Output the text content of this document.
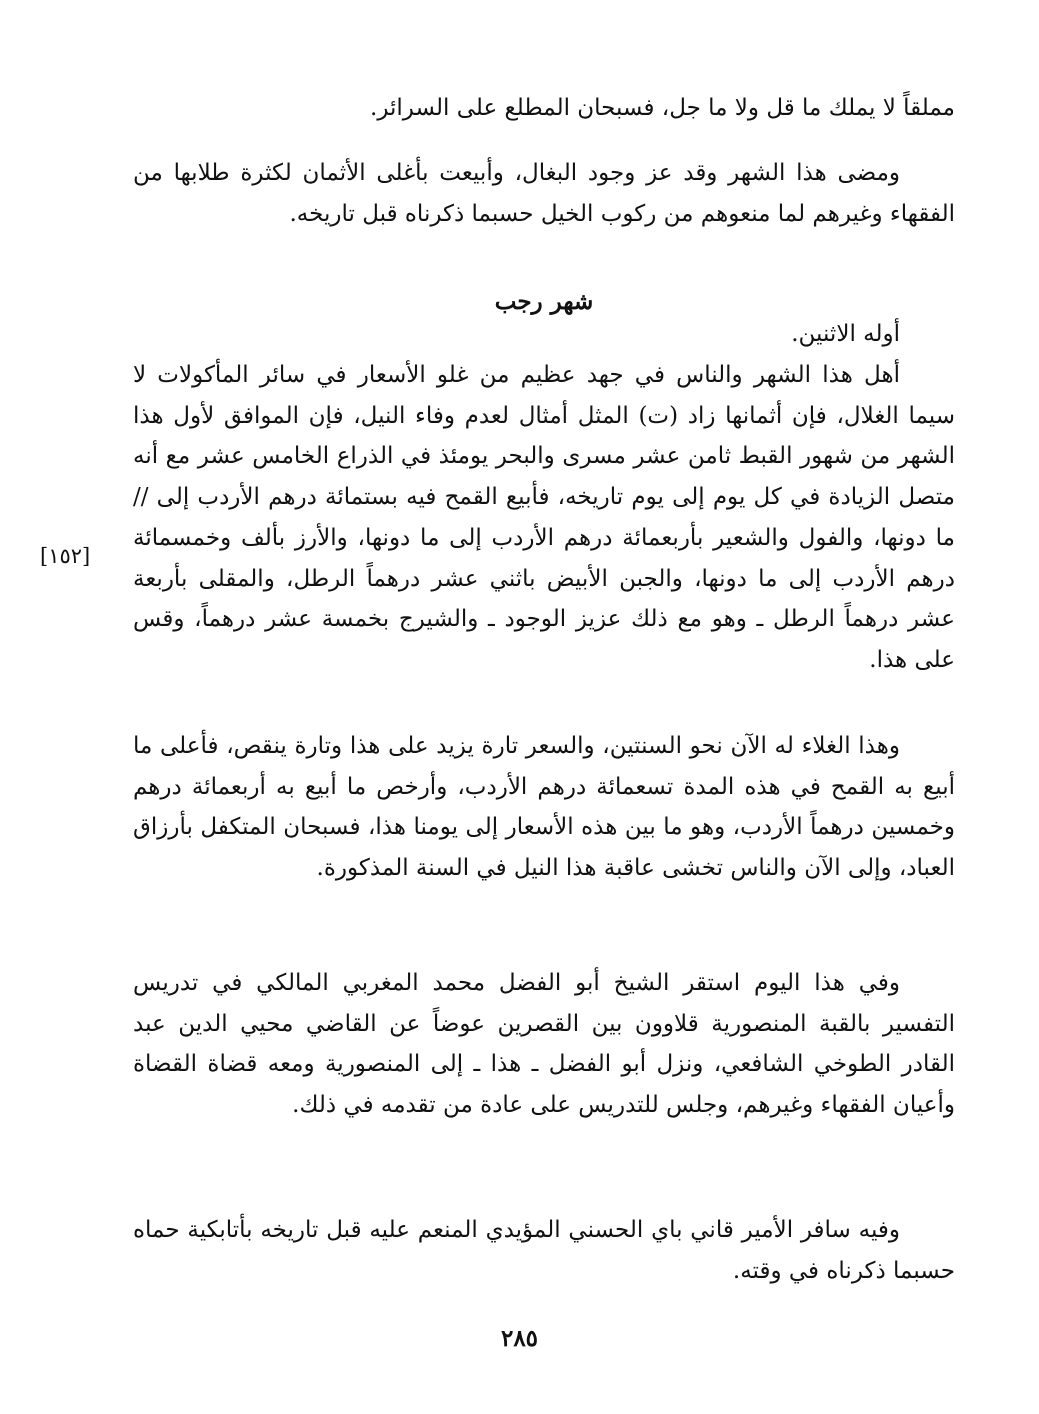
مملقاً لا يملك ما قل ولا ما جل، فسبحان المطلع على السرائر.

ومضى هذا الشهر وقد عز وجود البغال، وأبيعت بأغلى الأثمان لكثرة طلابها من الفقهاء وغيرهم لما منعوهم من ركوب الخيل حسبما ذكرناه قبل تاريخه.

شهر رجب

أوله الاثنين.

أهل هذا الشهر والناس في جهد عظيم من غلو الأسعار في سائر المأكولات لا سيما الغلال، فإن أثمانها زاد (ت) المثل أمثال لعدم وفاء النيل، فإن الموافق لأول هذا الشهر من شهور القبط ثامن عشر مسرى والبحر يومئذ في الذراع الخامس عشر مع أنه متصل الزيادة في كل يوم إلى يوم تاريخه، فأبيع القمح فيه بستمائة درهم الأردب إلى // ما دونها، والفول والشعير بأربعمائة درهم الأردب إلى ما دونها، والأرز بألف وخمسمائة درهم الأردب إلى ما دونها، والجبن الأبيض باثني عشر درهماً الرطل، والمقلى بأربعة عشر درهماً الرطل ـ وهو مع ذلك عزيز الوجود ـ والشيرج بخمسة عشر درهماً، وقس على هذا.

[١٥٢]

وهذا الغلاء له الآن نحو السنتين، والسعر تارة يزيد على هذا وتارة ينقص، فأعلى ما أبيع به القمح في هذه المدة تسعمائة درهم الأردب، وأرخص ما أبيع به أربعمائة درهم وخمسين درهماً الأردب، وهو ما بين هذه الأسعار إلى يومنا هذا، فسبحان المتكفل بأرزاق العباد، وإلى الآن والناس تخشى عاقبة هذا النيل في السنة المذكورة.

وفي هذا اليوم استقر الشيخ أبو الفضل محمد المغربي المالكي في تدريس التفسير بالقبة المنصورية قلاوون بين القصرين عوضاً عن القاضي محيي الدين عبد القادر الطوخي الشافعي، ونزل أبو الفضل ـ هذا ـ إلى المنصورية ومعه قضاة القضاة وأعيان الفقهاء وغيرهم، وجلس للتدريس على عادة من تقدمه في ذلك.

وفيه سافر الأمير قاني باي الحسني المؤيدي المنعم عليه قبل تاريخه بأتابكية حماه حسبما ذكرناه في وقته.

٢٨٥
